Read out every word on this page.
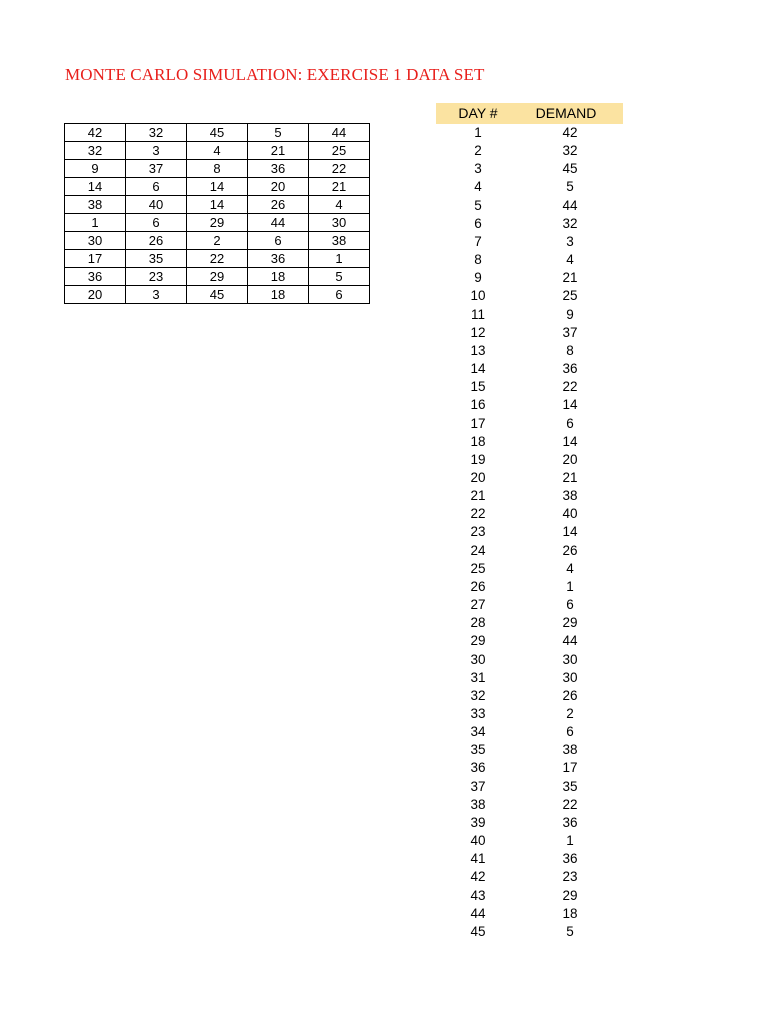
MONTE CARLO SIMULATION: EXERCISE 1 DATA SET
42	32	45	5	44
32	3	4	21	25
9	37	8	36	22
14	6	14	20	21
38	40	14	26	4
1	6	29	44	30
30	26	2	6	38
17	35	22	36	1
36	23	29	18	5
20	3	45	18	6
DAY #	DEMAND
1	42
2	32
3	45
4	5
5	44
6	32
7	3
8	4
9	21
10	25
11	9
12	37
13	8
14	36
15	22
16	14
17	6
18	14
19	20
20	21
21	38
22	40
23	14
24	26
25	4
26	1
27	6
28	29
29	44
30	30
31	30
32	26
33	2
34	6
35	38
36	17
37	35
38	22
39	36
40	1
41	36
42	23
43	29
44	18
45	5
